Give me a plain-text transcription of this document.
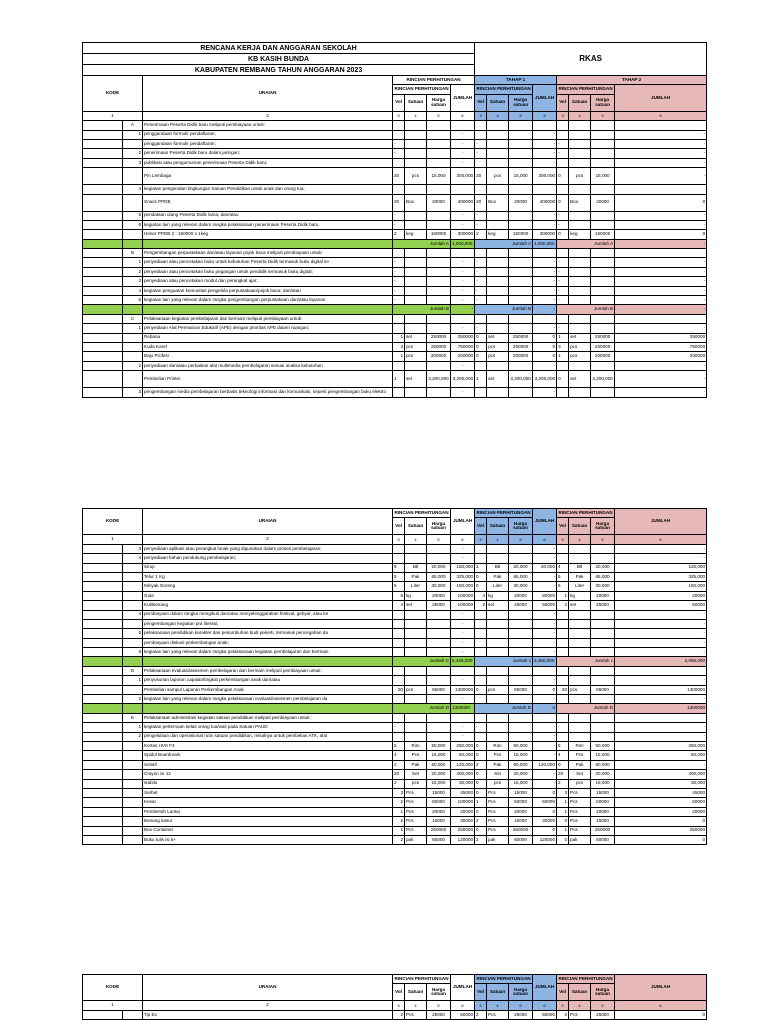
RENCANA KERJA DAN ANGGARAN SEKOLAH							RKAS							
KB KASIH BUNDA														
KABUPATEN REMBANG TAHUN ANGGARAN 2023														
KODE		URAIAN	RINCIAN PERHITUNGAN				TAHAP 1				TAHAP 2			
			RINCIAN PERHITUNGAN			JUMLAH	RINCIAN PERHITUNGAN			JUMLAH	RINCIAN PERHITUNGAN			JUMLAH
			Vol	Satuan	Harga satuan		Vol	Satuan	Harga satuan		Vol	Satuan	Harga satuan	
1		2	3	4	5	6	3	4	5	6	3	4	5	6
	A	Penerimaan Peserta Didik baru meliputi pembiayaan untuk:												
	1	penggandaan formulir pendaftaran;				-				-				-
		penggandaan formulir pendaftaran;	-			-	-			-	-			-
	2	penerimaan Peserta Didik baru dalam jaringan;	-			-	-			-	-			-
	3	publikasi atau pengumuman penerimaan Peserta Didik baru;				-				-				-
		Pin Lembaga	20	pcs	15,000	300,000	20	pcs	15,000	300,000	0	pcs	15,000	-
	4	kegiatan pengenalan lingkungan Satuan Pendidikan untuk anak dan orang tua;												
		Snack PPDB	20	Box	20000	400000	20	Box	20000	400000	0	Box	20000	0
	5	pendataan ulang Peserta Didik lama; dan/atau	-			-	-			-	-			-
	6	kegiatan lain yang relevan dalam rangka pelaksanaan penerimaan Peserta Didik baru.	-			-	-			-	-			-
		Honor PPDB 2 : 150000 x 1keg	2	keg	150000	300000	2	keg	150000	300000	0	keg	150000	0
			Jumlah A			1,000,000	Jumlah A			1,000,000	Jumlah A			-
	B	Pengembangan perpustakaan dan/atau layanan pojok baca meliputi pembiayaan untuk:												
	1	penyediaan atau pencetakan buku untuk kebutuhan Peserta Didik termasuk buku digital se	-			-	-			-	-			-
	2	penyediaan atau pencetakan buku pegangan untuk pendidik termasuk buku digital;	-			-	-			-	-			-
	3	penyediaan atau pencetakan modul dan perangkat ajar;	-			-	-			-	-			-
	4	kegiatan penguatan komunitas pengelola perpustakaan/pojok baca; dan/atau	-			-	-			-	-			-
	5	kegiatan lain yang relevan dalam rangka pengembangan perpustakaan dan/atau layanan	-			-	-			-	-			-
			Jumlah B			-	Jumlah B			-	Jumlah B			-
	C	Pelaksanaan kegiatan pembelajaran dan bermain meliputi pembiayaan untuk:												
	1	penyediaan Alat Permainan Edukatif (APE) dengan prioritas APE dalam ruangan;				-	-			-	-			-
		Rebana	1	set	250000	250000	0	set	250000	0	1	set	250000	250000
		Kuda Karet	3	pcs	250000	750000	0	pcs	250000	0	3	pcs	250000	750000
		Baju Profesi	1	pcs	200000	200000	0	pcs	200000	0	1	pcs	200000	200000
	2	penyediaan dan/atau perbaikan alat multimedia pembelajaran sesuai analisa kebutuhan				-				-				-
		Pembelian Printer	1	set	3,200,000	3,200,000	1	set	3,200,000	3,200,000	0	set	3,200,000	-
	3	pengembangan media pembelajaran berbasis teknologi informasi dan komunikasi, seperti pengembangan buku elektro				-				-				-
KODE		URAIAN	RINCIAN PERHITUNGAN			JUMLAH	RINCIAN PERHITUNGAN			JUMLAH	RINCIAN PERHITUNGAN			JUMLAH
			Vol	Satuan	Harga satuan		Vol	Satuan	Harga satuan		Vol	Satuan	Harga satuan	
1		2	3	4	5	6	3	4	5	6	3	4	5	6
	3	penyediaan aplikasi atau perangkat lunak yang digunakan dalam proses pembelajaran;				-				-				-
	4	penyediaan bahan pendukung pembelajaran;				-				-				-
		Sirup	5	Btl	20,000	150,000	1	Btl	20,000	20,000	4	Btl	20,000	120,000
		Telur 1 Kg	5	Pak	65,000	325,000	0	Pak	65,000	-	5	Pak	65,000	325,000
		Minyak Goreng	5	Liter	30,000	150,000	0	Liter	30,000	-	5	Liter	30,000	150,000
		Gula	5	kg	20000	100000	4	kg	20000	80000	1	kg	20000	20000
		Kulitsenang	4	set	25000	100000	2	set	25000	50000	2	set	25000	50000
	4	pembiayaan dalam rangka mengikuti dan/atau menyelenggarakan festival, gebyar, atau ke				-				-				-
		pengembangan kegiatan pra literasi;				-				-				-
	5	pelaksanaan pendidikan karakter dan penumbuhan budi pekerti, termasuk pencegahan da				-				-				-
		pembiayaan diskusi perkembangan anak;				-				-				-
	6	kegiatan lain yang relevan dalam rangka pelaksanaan kegiatan pembelajaran dan bermain				-				-				-
			Jumlah C			5,425,000	Jumlah c			3,360,000	Jumlah c			2,065,000
	D	Pelaksanaan evaluasi/asesmen pembelajaran dan bermain meliputi pembiayaan untuk:												
	1	penyusunan laporan capaian/tingkat perkembangan anak dan/atau				-				-				-
		Pembelian sampul Laporan Perkembangan Anak	20	pcs	65000	1300000	0	pcs	65000	0	20	pcs	65000	1300000
	2	kegiatan lain yang relevan dalam rangka pelaksanaan evaluasi/asesmen pembelajaran da				-				-				-
			Jumlah D			1300000	Jumlah D			0	Jumlah D			1300000
	E	Pelaksanaan administrasi kegiatan satuan pendidikan meliputi pembiayaan untuk:												
	1	kegiatan pertemuan kelas orang tua/wali pada Satuan PAUD	-			-	-			-	-			-
	2	pengelolaan dan operasional rutin satuan pendidikan, misalnya untuk pembelian ATK, alat				-				-				-
		Kertas HVS F4	5	Rim	50,000	250,000	0	Rim	50,000	-	5	Rim	50,000	250,000
		Spidol Boardmark	4	Pcs	15,000	60,000	0	Pcs	15,000	-	4	Pcs	15,000	60,000
		Selotif	2	Pak	60,000	120,000	2	Pak	60,000	120,000	0	Pak	60,000	-
		Crayon isi 12	20	Set	20,000	400,000	0	Set	20,000	-	20	Set	20,000	400,000
		stabilo	2	pcs	15,000	30,000	0	pcs	15,000	-	2	pcs	15,000	30,000
		Serbet	3	Pcs	15000	45000	0	Pcs	15000	0	3	Pcs	15000	45000
		Kesat	2	Pcs	50000	100000	1	Pcs	50000	50000	1	Pcs	50000	50000
		Pembersih Lantai	1	Pcs	20000	20000	0	Pcs	20000	0	1	Pcs	20000	20000
		Benang kasur	2	Pcs	15000	30000	2	Pcs	15000	30000	0	Pcs	15000	0
		Box Container	1	Pcs	250000	250000	0	Pcs	250000	0	1	Pcs	250000	250000
		Buku tulis isi 5+	2	pak	60000	120000	2	pak	60000	120000	0	pak	60000	0
KODE		URAIAN	RINCIAN PERHITUNGAN			JUMLAH	RINCIAN PERHITUNGAN			JUMLAH	RINCIAN PERHITUNGAN			JUMLAH
			Vol	Satuan	Harga satuan		Vol	Satuan	Harga satuan		Vol	Satuan	Harga satuan	
1		2	3	4	5	6	3	4	5	6	3	4	5	6
		Tip Ex	2	Pcs	25000	50000	2	Pcs	25000	50000	0	Pcs	25000	0
